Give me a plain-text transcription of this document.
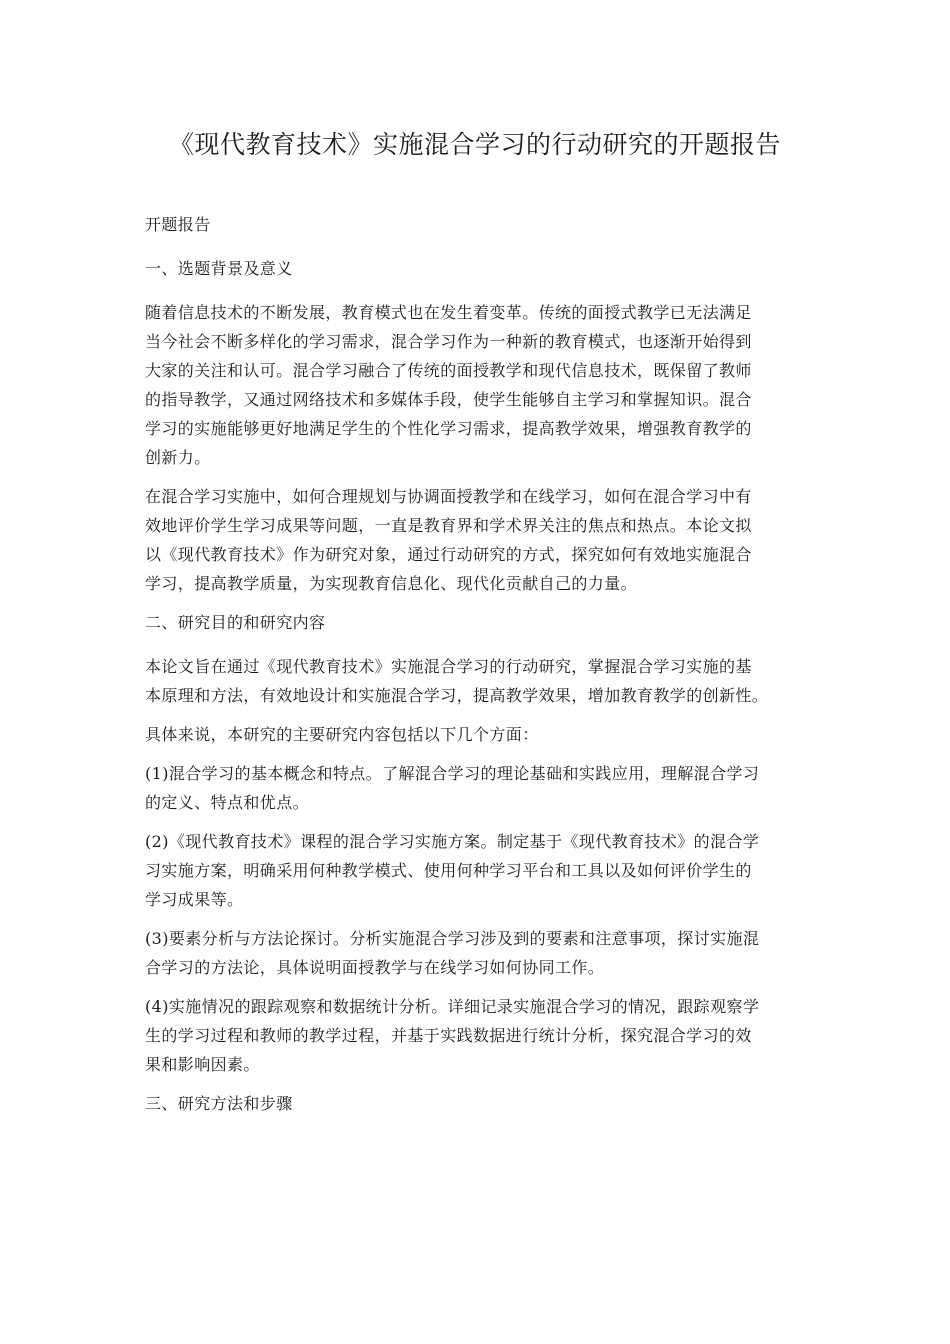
《现代教育技术》实施混合学习的行动研究的开题报告
开题报告
一、选题背景及意义
随着信息技术的不断发展，教育模式也在发生着变革。传统的面授式教学已无法满足
当今社会不断多样化的学习需求，混合学习作为一种新的教育模式，也逐渐开始得到
大家的关注和认可。混合学习融合了传统的面授教学和现代信息技术，既保留了教师
的指导教学，又通过网络技术和多媒体手段，使学生能够自主学习和掌握知识。混合
学习的实施能够更好地满足学生的个性化学习需求，提高教学效果，增强教育教学的
创新力。
在混合学习实施中，如何合理规划与协调面授教学和在线学习，如何在混合学习中有
效地评价学生学习成果等问题，一直是教育界和学术界关注的焦点和热点。本论文拟
以《现代教育技术》作为研究对象，通过行动研究的方式，探究如何有效地实施混合
学习，提高教学质量，为实现教育信息化、现代化贡献自己的力量。
二、研究目的和研究内容
本论文旨在通过《现代教育技术》实施混合学习的行动研究，掌握混合学习实施的基
本原理和方法，有效地设计和实施混合学习，提高教学效果，增加教育教学的创新性。
具体来说，本研究的主要研究内容包括以下几个方面：
(1)混合学习的基本概念和特点。了解混合学习的理论基础和实践应用，理解混合学习
的定义、特点和优点。
(2)《现代教育技术》课程的混合学习实施方案。制定基于《现代教育技术》的混合学
习实施方案，明确采用何种教学模式、使用何种学习平台和工具以及如何评价学生的
学习成果等。
(3)要素分析与方法论探讨。分析实施混合学习涉及到的要素和注意事项，探讨实施混
合学习的方法论，具体说明面授教学与在线学习如何协同工作。
(4)实施情况的跟踪观察和数据统计分析。详细记录实施混合学习的情况，跟踪观察学
生的学习过程和教师的教学过程，并基于实践数据进行统计分析，探究混合学习的效
果和影响因素。
三、研究方法和步骤
